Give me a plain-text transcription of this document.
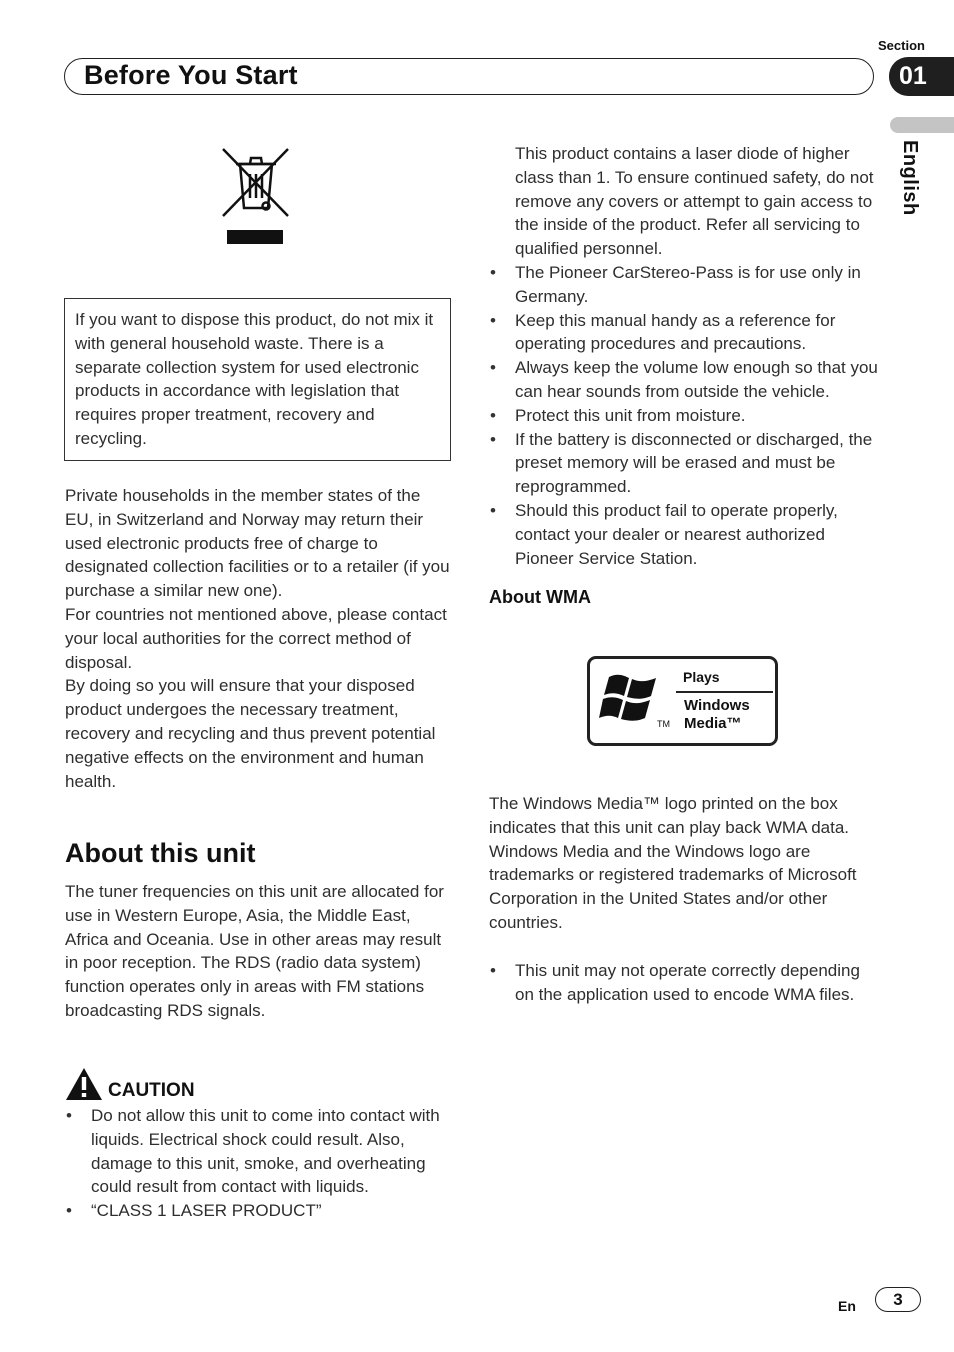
Section
Before You Start	01
English

If you want to dispose this product, do not mix it with general household waste. There is a separate collection system for used electronic products in accordance with legislation that requires proper treatment, recovery and recycling.

Private households in the member states of the EU, in Switzerland and Norway may return their used electronic products free of charge to designated collection facilities or to a retailer (if you purchase a similar new one).

For countries not mentioned above, please contact your local authorities for the correct method of disposal.

By doing so you will ensure that your disposed product undergoes the necessary treatment, recovery and recycling and thus prevent potential negative effects on the environment and human health.

About this unit
The tuner frequencies on this unit are allocated for use in Western Europe, Asia, the Middle East, Africa and Oceania. Use in other areas may result in poor reception. The RDS (radio data system) function operates only in areas with FM stations broadcasting RDS signals.
CAUTION
• Do not allow this unit to come into contact with liquids. Electrical shock could result. Also, damage to this unit, smoke, and overheating could result from contact with liquids.
• “CLASS 1 LASER PRODUCT”
This product contains a laser diode of higher class than 1. To ensure continued safety, do not remove any covers or attempt to gain access to the inside of the product. Refer all servicing to qualified personnel.
• The Pioneer CarStereo-Pass is for use only in Germany.
• Keep this manual handy as a reference for operating procedures and precautions.
• Always keep the volume low enough so that you can hear sounds from outside the vehicle.
• Protect this unit from moisture.
• If the battery is disconnected or discharged, the preset memory will be erased and must be reprogrammed.
• Should this product fail to operate properly, contact your dealer or nearest authorized Pioneer Service Station.
About WMA
TM
Plays
Windows
Media™

The Windows Media™ logo printed on the box indicates that this unit can play back WMA data.

Windows Media and the Windows logo are trademarks or registered trademarks of Microsoft Corporation in the United States and/or other countries.

• This unit may not operate correctly depending on the application used to encode WMA files.
En 3
